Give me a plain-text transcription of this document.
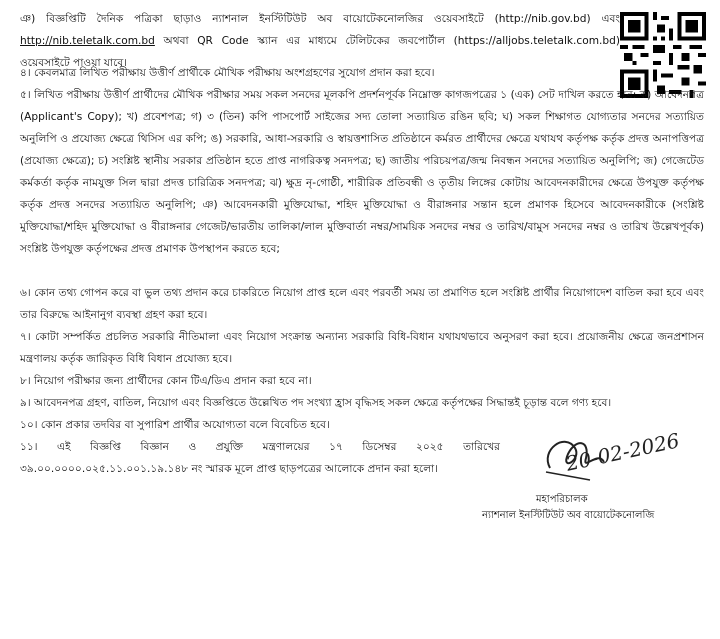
ঞ) বিজ্ঞপ্তিটি দৈনিক পত্রিকা ছাড়াও ন্যাশনাল ইনস্টিটিউট অব বায়োটেকনোলজির ওয়েবসাইটে (http://nib.gov.bd) এবং http://nib.teletalk.com.bd অথবা QR Code স্ক্যান এর মাধ্যমে টেলিটকের জবপোর্টাল (https://alljobs.teletalk.com.bd) ওয়েবসাইটে পাওয়া যাবে।
৪। কেবলমাত্র লিখিত পরীক্ষায় উত্তীর্ণ প্রার্থীকে মৌখিক পরীক্ষায় অংশগ্রহণের সুযোগ প্রদান করা হবে।
৫। লিখিত পরীক্ষায় উত্তীর্ণ প্রার্থীদের মৌখিক পরীক্ষার সময় সকল সনদের মূলকপি প্রদর্শনপূর্বক নিম্নোক্ত কাগজপত্রের ১ (এক) সেট দাখিল করতে হবে: ক) আবেদনপত্র (Applicant's Copy); খ) প্রবেশপত্র; গ) ৩ (তিন) কপি পাসপোর্ট সাইজের সদ্য তোলা সত্যায়িত রঙিন ছবি; ঘ) সকল শিক্ষাগত যোগ্যতার সনদের সত্যায়িত অনুলিপি ও প্রযোজ্য ক্ষেত্রে থিসিস এর কপি; ঙ) সরকারি, আধা-সরকারি ও স্বায়ত্তশাসিত প্রতিষ্ঠানে কর্মরত প্রার্থীদের ক্ষেত্রে যথাযথ কর্তৃপক্ষ কর্তৃক প্রদত্ত অনাপত্তিপত্র (প্রযোজ্য ক্ষেত্রে); চ) সংশ্লিষ্ট স্থানীয় সরকার প্রতিষ্ঠান হতে প্রাপ্ত নাগরিকত্ব সনদপত্র; ছ) জাতীয় পরিচয়পত্র/জন্ম নিবন্ধন সনদের সত্যায়িত অনুলিপি; জ) গেজেটেড কর্মকর্তা কর্তৃক নামযুক্ত সিল দ্বারা প্রদত্ত চারিত্রিক সনদপত্র; ঝ) ক্ষুদ্র নৃ-গোষ্ঠী, শারীরিক প্রতিবন্ধী ও তৃতীয় লিঙ্গের কোটায় আবেদনকারীদের ক্ষেত্রে উপযুক্ত কর্তৃপক্ষ কর্তৃক প্রদত্ত সনদের সত্যায়িত অনুলিপি; ঞ) আবেদনকারী মুক্তিযোদ্ধা, শহিদ মুক্তিযোদ্ধা ও বীরাঙ্গনার সন্তান হলে প্রমাণক হিসেবে আবেদনকারীকে (সংশ্লিষ্ট মুক্তিযোদ্ধা/শহিদ মুক্তিযোদ্ধা ও বীরাঙ্গনার গেজেট/ভারতীয় তালিকা/লাল মুক্তিবার্তা নম্বর/সাময়িক সনদের নম্বর ও তারিখ/বামুস সনদের নম্বর ও তারিখ উল্লেখপূর্বক) সংশ্লিষ্ট উপযুক্ত কর্তৃপক্ষের প্রদত্ত প্রমাণক উপস্থাপন করতে হবে;
৬। কোন তথ্য গোপন করে বা ভুল তথ্য প্রদান করে চাকরিতে নিয়োগ প্রাপ্ত হলে এবং পরবর্তী সময় তা প্রমাণিত হলে সংশ্লিষ্ট প্রার্থীর নিয়োগাদেশ বাতিল করা হবে এবং তার বিরুদ্ধে আইনানুগ ব্যবস্থা গ্রহণ করা হবে।
৭। কোটা সম্পর্কিত প্রচলিত সরকারি নীতিমালা এবং নিয়োগ সংক্রান্ত অন্যান্য সরকারি বিধি-বিধান যথাযথভাবে অনুসরণ করা হবে। প্রয়োজনীয় ক্ষেত্রে জনপ্রশাসন মন্ত্রণালয় কর্তৃক জারিকৃত বিধি বিধান প্রযোজ্য হবে।
৮। নিয়োগ পরীক্ষার জন্য প্রার্থীদের কোন টিএ/ডিএ প্রদান করা হবে না।
৯। আবেদনপত্র গ্রহণ, বাতিল, নিয়োগ এবং বিজ্ঞপ্তিতে উল্লেখিত পদ সংখ্যা হ্রাস বৃদ্ধিসহ সকল ক্ষেত্রে কর্তৃপক্ষের সিদ্ধান্তই চূড়ান্ত বলে গণ্য হবে।
১০। কোন প্রকার তদবির বা সুপারিশ প্রার্থীর অযোগ্যতা বলে বিবেচিত হবে।
১১। এই বিজ্ঞপ্তি বিজ্ঞান ও প্রযুক্তি মন্ত্রণালয়ের ১৭ ডিসেম্বর ২০২৫ তারিখের ৩৯.০০.০০০০.০২৫.১১.০০১.১৯.১৪৮ নং স্মারক মূলে প্রাপ্ত ছাড়পত্রের আলোকে প্রদান করা হলো।	20-02-2026
মহাপরিচালক
ন্যাশনাল ইনস্টিটিউট অব বায়োটেকনোলজি
